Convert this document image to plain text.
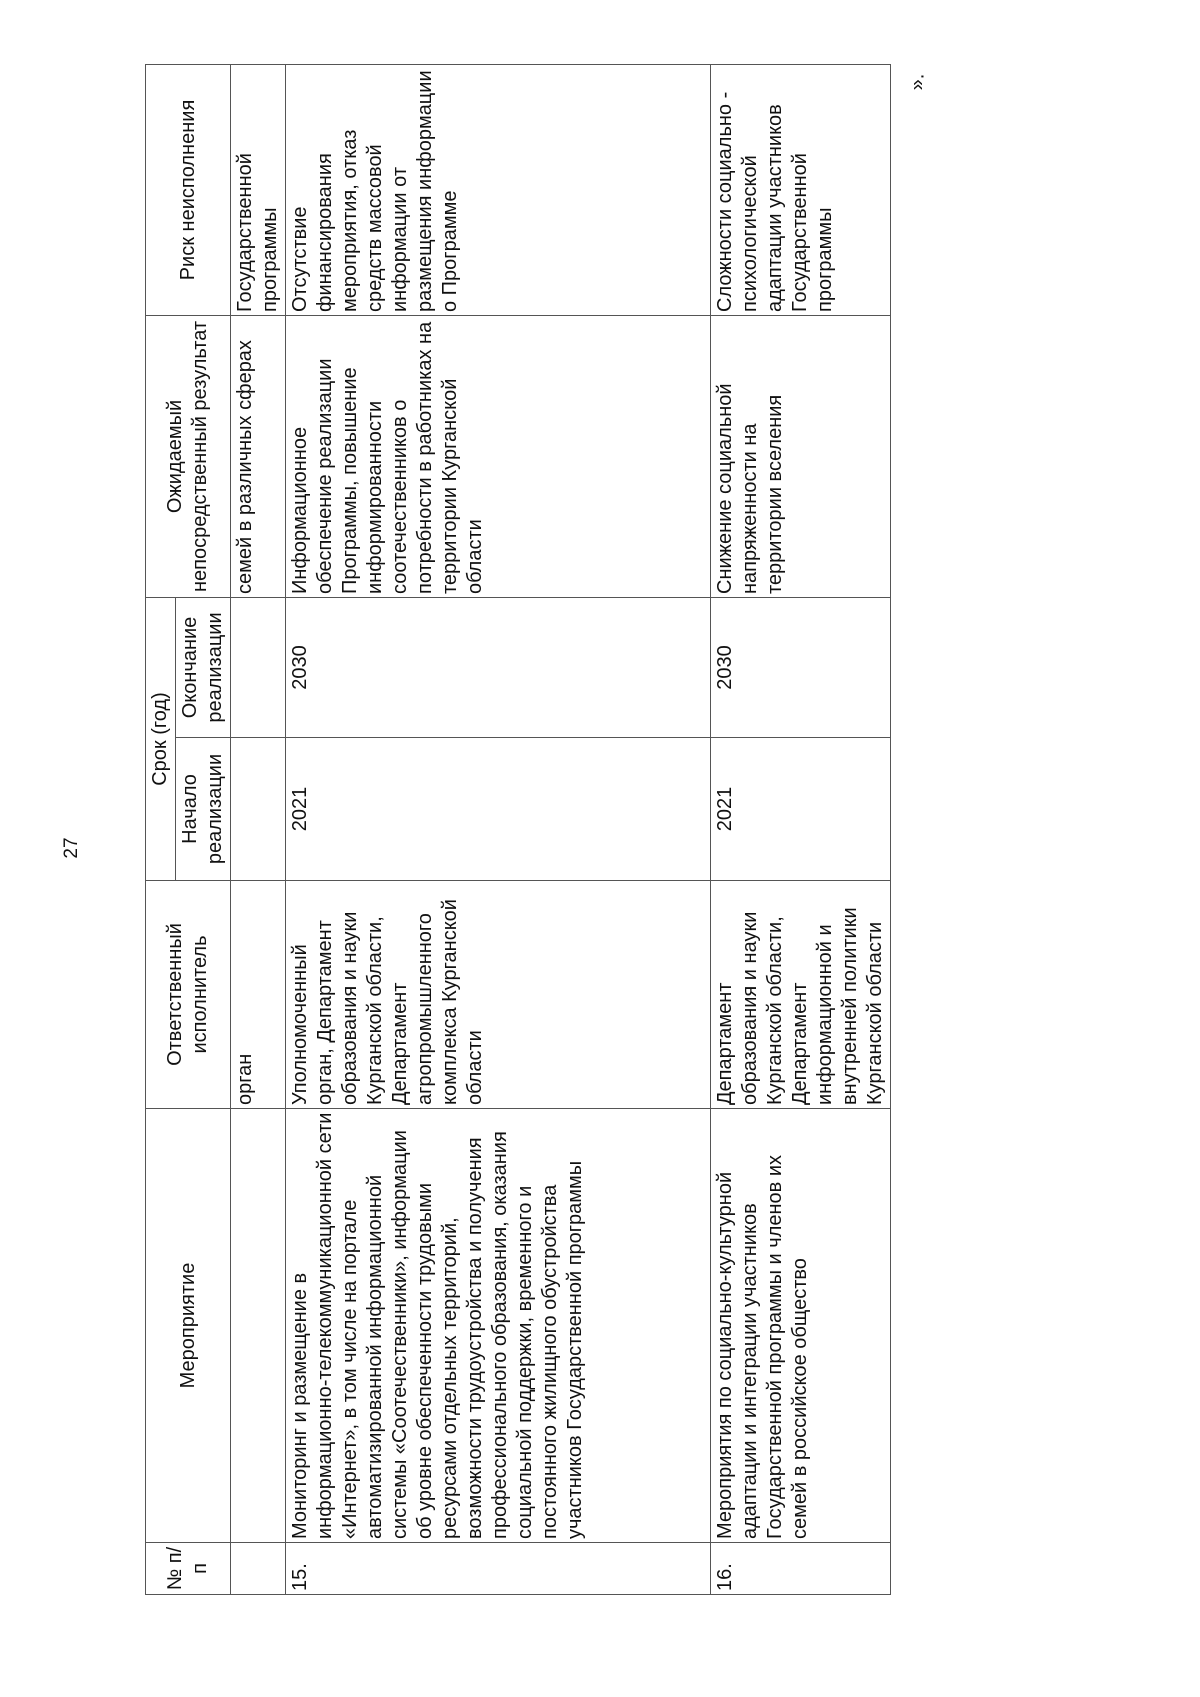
27
».
№ п/п	Мероприятие	Ответственный исполнитель	Срок (год)		Ожидаемый непосредственный результат	Риск неисполнения
			Начало реализации	Окончание реализации		
		орган			семей в различных сферах	Государственной программы
15.	Мониторинг и размещение в информационно-телекоммуникационной сети «Интернет», в том числе на портале автоматизированной информационной системы «Соотечественники», информации об уровне обеспеченности трудовыми ресурсами отдельных территорий, возможности трудоустройства и получения профессионального образования, оказания социальной поддержки, временного и постоянного жилищного обустройства участников Государственной программы	Уполномоченный орган, Департамент образования и науки Курганской области, Департамент агропромышленного комплекса Курганской области	2021	2030	Информационное обеспечение реализации Программы, повышение информированности соотечественников о потребности в работниках на территории Курганской области	Отсутствие финансирования мероприятия, отказ средств массовой информации от размещения информации о Программе
16.	Мероприятия по социально-культурной адаптации и интеграции участников Государственной программы и членов их семей в российское общество	Департамент образования и науки Курганской области, Департамент информационной и внутренней политики Курганской области	2021	2030	Снижение социальной напряженности на территории вселения	Сложности социально - психологической адаптации участников Государственной программы
